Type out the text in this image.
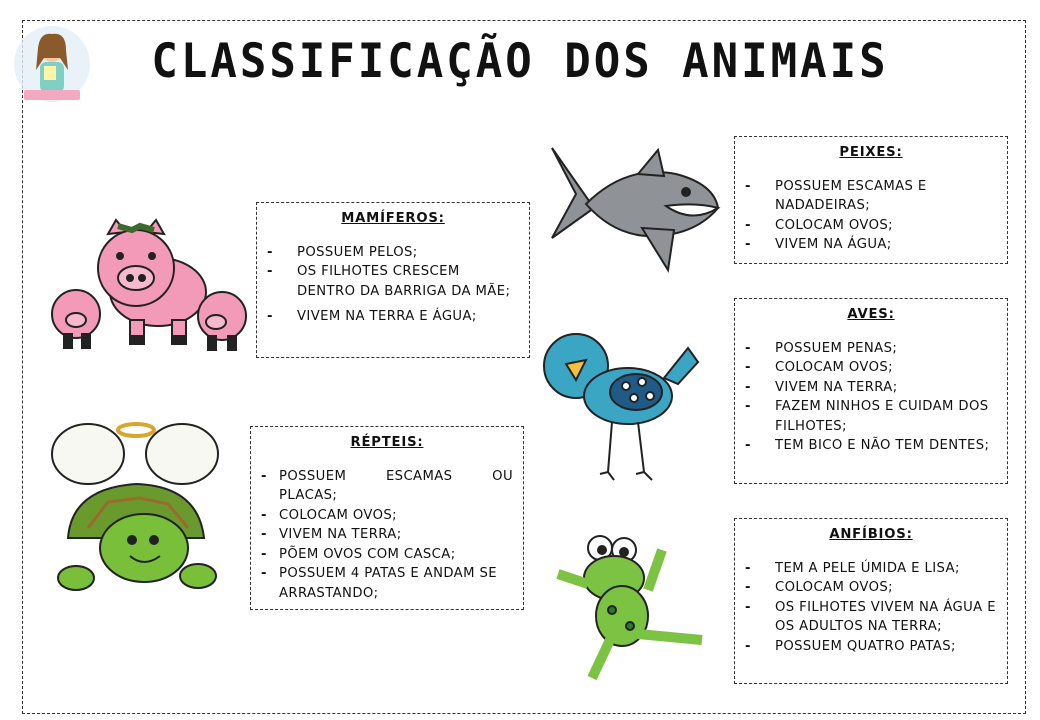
CLASSIFICAÇÃO DOS ANIMAIS
MAMÍFEROS:
- POSSUEM PELOS;
- OS FILHOTES CRESCEM DENTRO DA BARRIGA DA MÃE;
- VIVEM NA TERRA E ÁGUA;
RÉPTEIS:
- POSSUEM ESCAMAS OU
PLACAS;
- COLOCAM OVOS;
- VIVEM NA TERRA;
- PÕEM OVOS COM CASCA;
- POSSUEM 4 PATAS E ANDAM SE ARRASTANDO;
PEIXES:
- POSSUEM ESCAMAS E NADADEIRAS;
- COLOCAM OVOS;
- VIVEM NA ÁGUA;
AVES:
- POSSUEM PENAS;
- COLOCAM OVOS;
- VIVEM NA TERRA;
- FAZEM NINHOS E CUIDAM DOS FILHOTES;
- TEM BICO E NÃO TEM DENTES;
ANFÍBIOS:
- TEM A PELE ÚMIDA E LISA;
- COLOCAM OVOS;
- OS FILHOTES VIVEM NA ÁGUA E OS ADULTOS NA TERRA;
- POSSUEM QUATRO PATAS;
